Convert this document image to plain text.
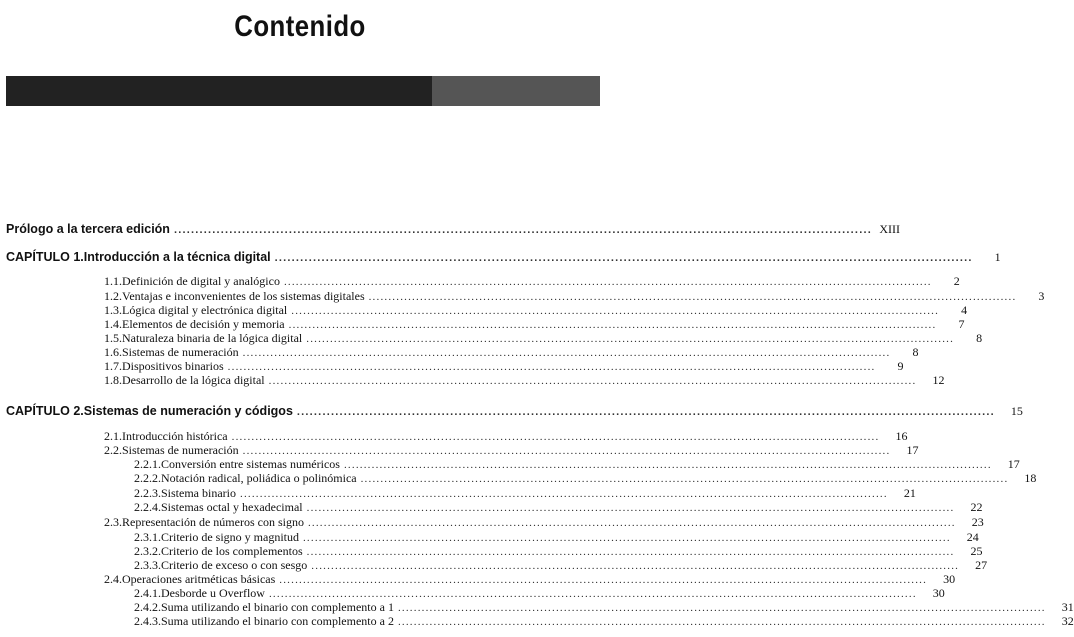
Contenido
Prólogo a la tercera edición .................................................................................................................................................................... XIII
CAPÍTULO 1. Introducción a la técnica digital ....................................................................................................................................................................	1
1.1. Definición de digital y analógico ....................................................................................................................................................................	2
1.2. Ventajas e inconvenientes de los sistemas digitales ....................................................................................................................................................................	3
1.3. Lógica digital y electrónica digital ....................................................................................................................................................................	4
1.4. Elementos de decisión y memoria ....................................................................................................................................................................	7
1.5. Naturaleza binaria de la lógica digital ....................................................................................................................................................................	8
1.6. Sistemas de numeración ....................................................................................................................................................................	8
1.7. Dispositivos binarios ....................................................................................................................................................................	9
1.8. Desarrollo de la lógica digital ....................................................................................................................................................................	12
CAPÍTULO 2. Sistemas de numeración y códigos ....................................................................................................................................................................	15
2.1. Introducción histórica ....................................................................................................................................................................	16
2.2. Sistemas de numeración ....................................................................................................................................................................	17
2.2.1. Conversión entre sistemas numéricos ....................................................................................................................................................................	17
2.2.2. Notación radical, poliádica o polinómica ....................................................................................................................................................................	18
2.2.3. Sistema binario ....................................................................................................................................................................	21
2.2.4. Sistemas octal y hexadecimal ....................................................................................................................................................................	22
2.3. Representación de números con signo ....................................................................................................................................................................	23
2.3.1. Criterio de signo y magnitud ....................................................................................................................................................................	24
2.3.2. Criterio de los complementos ....................................................................................................................................................................	25
2.3.3. Criterio de exceso o con sesgo ....................................................................................................................................................................	27
2.4. Operaciones aritméticas básicas ....................................................................................................................................................................	30
2.4.1. Desborde u Overflow ....................................................................................................................................................................	30
2.4.2. Suma utilizando el binario con complemento a 1 ....................................................................................................................................................................	31
2.4.3. Suma utilizando el binario con complemento a 2 ....................................................................................................................................................................	32
